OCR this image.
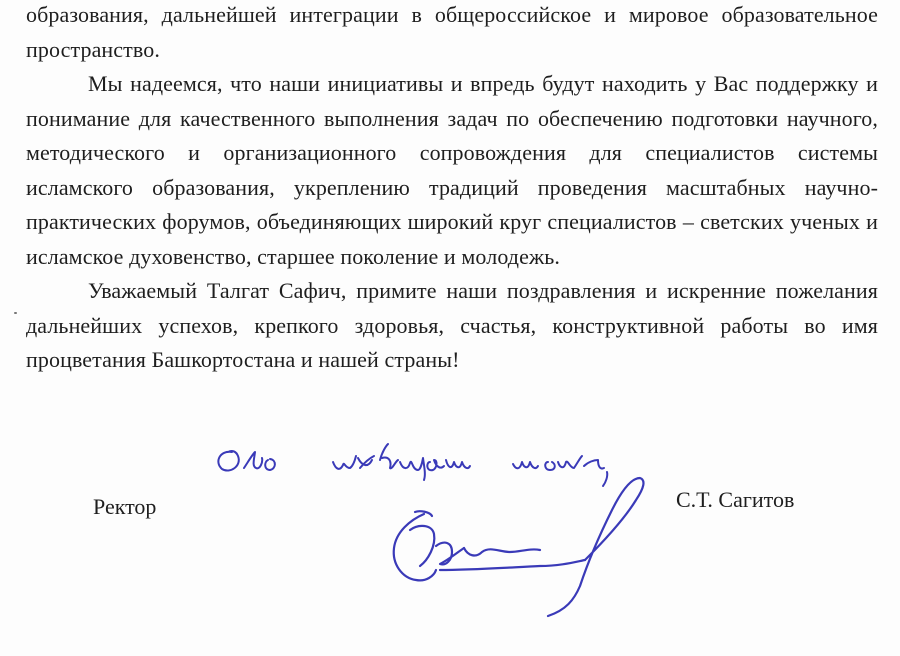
образования, дальнейшей интеграции в общероссийское и мировое образовательное пространство.

Мы надеемся, что наши инициативы и впредь будут находить у Вас поддержку и понимание для качественного выполнения задач по обеспечению подготовки научного, методического и организационного сопровождения для специалистов системы исламского образования, укреплению традиций проведения масштабных научно-практических форумов, объединяющих широкий круг специалистов – светских ученых и исламское духовенство, старшее поколение и молодежь.

Уважаемый Талгат Сафич, примите наши поздравления и искренние пожелания дальнейших успехов, крепкого здоровья, счастья, конструктивной работы во имя процветания Башкортостана и нашей страны!

Ректор	С.Т. Сагитов
